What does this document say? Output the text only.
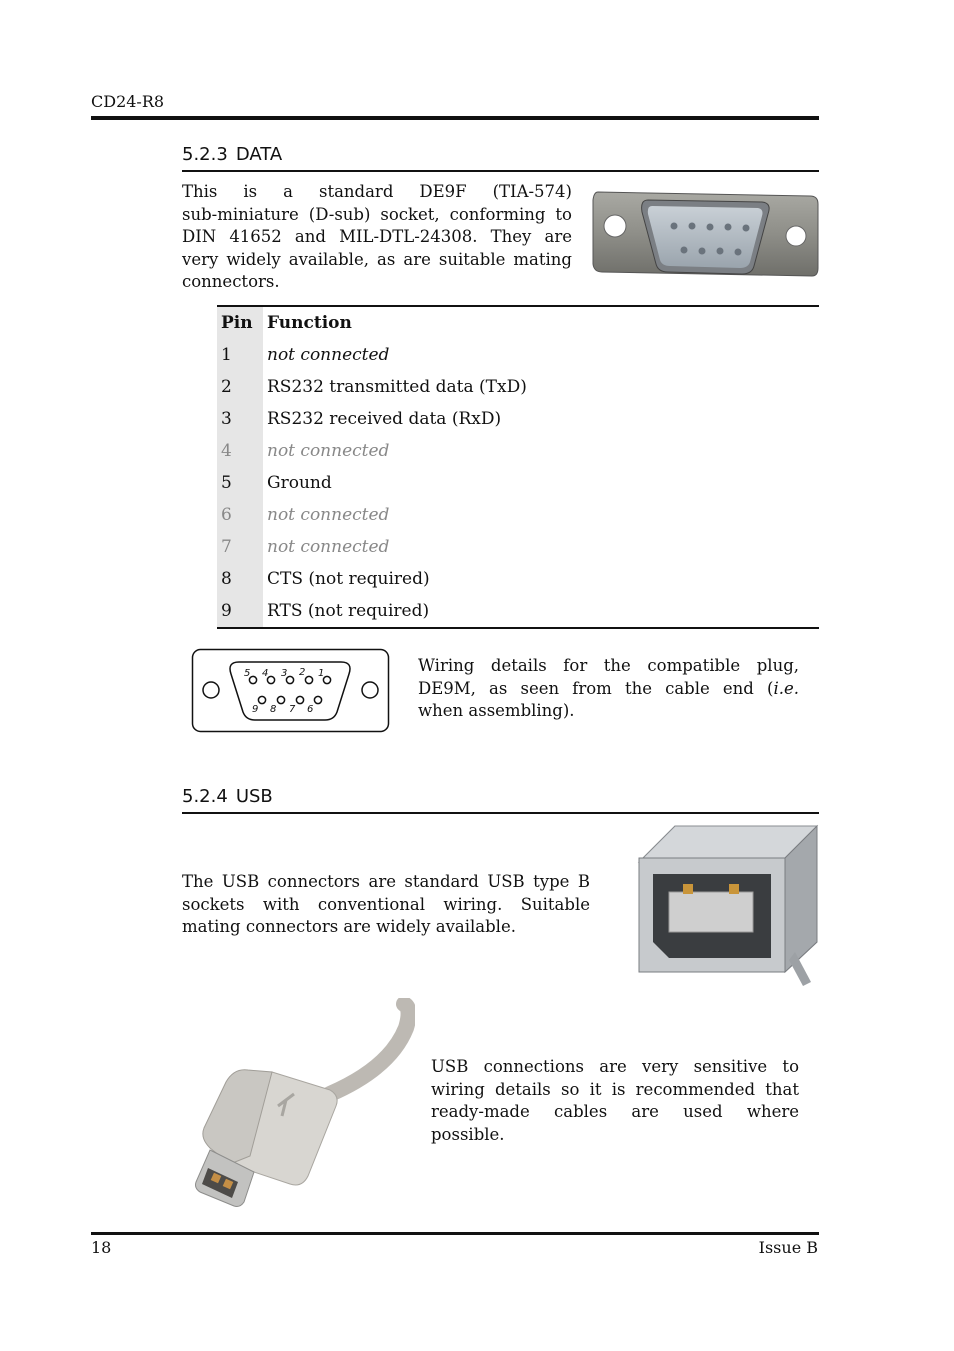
CD24-R8
5.2.3 DATA
This is a standard DE9F (TIA-574)
sub-miniature (D-sub) socket, conforming to
DIN 41652 and MIL-DTL-24308. They are
very widely available, as are suitable mating
connectors.
Pin	Function
1	not connected
2	RS232 transmitted data (TxD)
3	RS232 received data (RxD)
4	not connected
5	Ground
6	not connected
7	not connected
8	CTS (not required)
9	RTS (not required)
5 4 3 2 1
9 8 7 6
Wiring details for the compatible plug,
DE9M, as seen from the cable end (i.e.
when assembling).
5.2.4 USB
The USB connectors are standard USB type B
sockets with conventional wiring. Suitable
mating connectors are widely available.
USB connections are very sensitive to
wiring details so it is recommended that
ready-made cables are used where
possible.
18	Issue B
